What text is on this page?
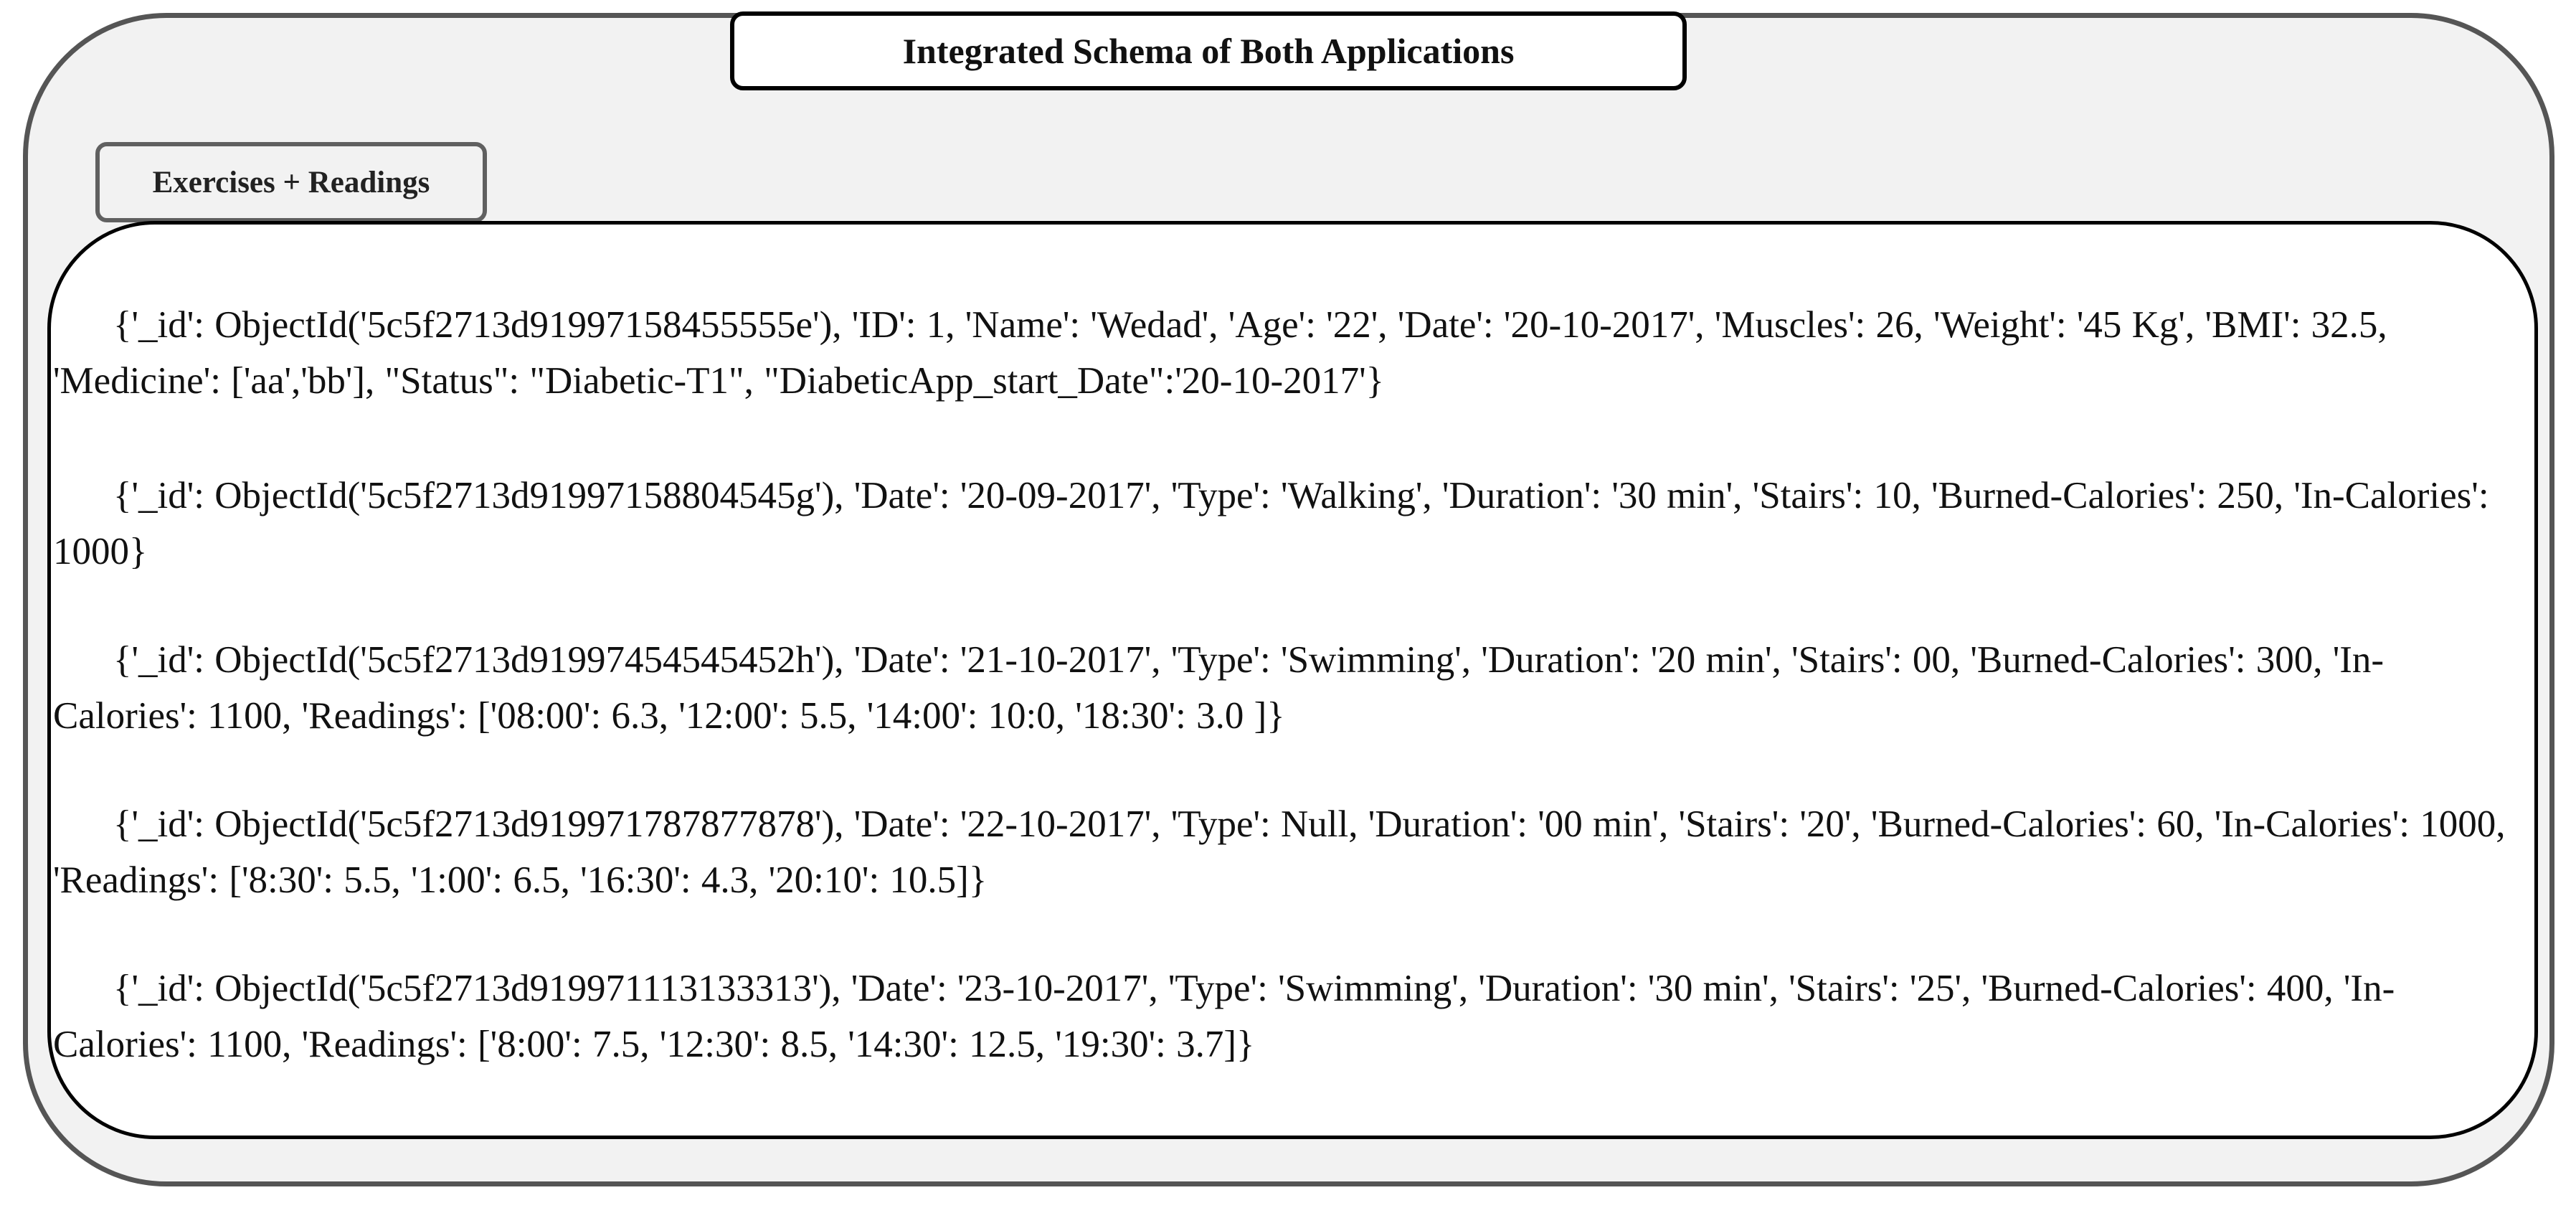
Integrated Schema of Both Applications
Exercises + Readings
{'_id': ObjectId('5c5f2713d91997158455555e'), 'ID': 1, 'Name': 'Wedad', 'Age': '22', 'Date': '20-10-2017', 'Muscles': 26, 'Weight': '45 Kg', 'BMI': 32.5, 'Medicine': ['aa','bb'], "Status": "Diabetic-T1", "DiabeticApp_start_Date":'20-10-2017'}
{'_id': ObjectId('5c5f2713d91997158804545g'), 'Date': '20-09-2017', 'Type': 'Walking', 'Duration': '30 min', 'Stairs': 10, 'Burned-Calories': 250, 'In-Calories': 1000}
{'_id': ObjectId('5c5f2713d91997454545452h'), 'Date': '21-10-2017', 'Type': 'Swimming', 'Duration': '20 min', 'Stairs': 00, 'Burned-Calories': 300, 'In-Calories': 1100, 'Readings': ['08:00': 6.3, '12:00': 5.5, '14:00': 10:0, '18:30': 3.0 ]}
{'_id': ObjectId('5c5f2713d919971787877878'), 'Date': '22-10-2017', 'Type': Null, 'Duration': '00 min', 'Stairs': '20', 'Burned-Calories': 60, 'In-Calories': 1000, 'Readings': ['8:30': 5.5, '1:00': 6.5, '16:30': 4.3, '20:10': 10.5]}
{'_id': ObjectId('5c5f2713d919971113133313'), 'Date': '23-10-2017', 'Type': 'Swimming', 'Duration': '30 min', 'Stairs': '25', 'Burned-Calories': 400, 'In-Calories': 1100, 'Readings': ['8:00': 7.5, '12:30': 8.5, '14:30': 12.5, '19:30': 3.7]}
